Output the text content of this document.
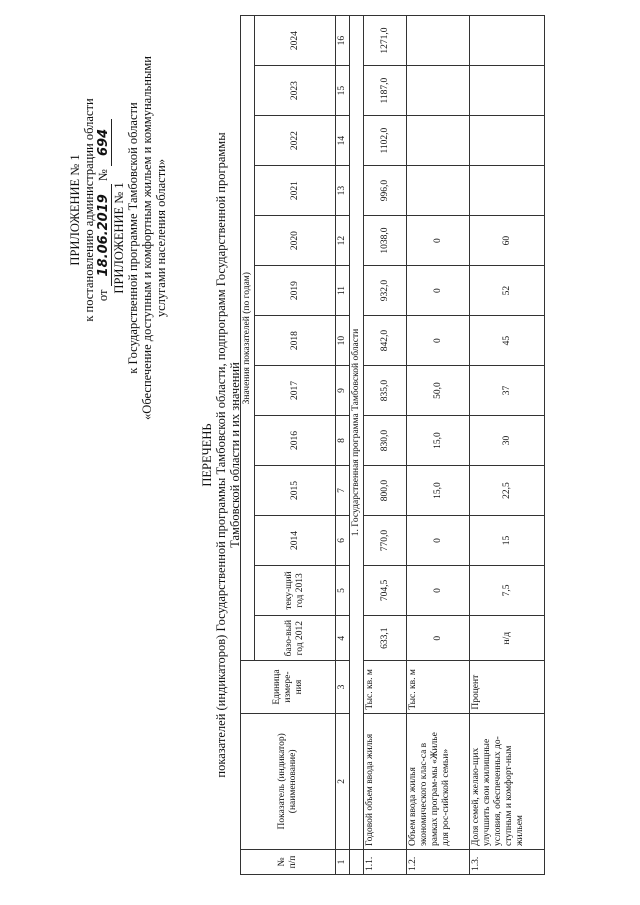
ПРИЛОЖЕНИЕ № 1 к постановлению администрации области от 18.06.2019 № 694
ПРИЛОЖЕНИЕ № 1 к Государственной программе Тамбовской области «Обеспечение доступным и комфортным жильем и коммунальными услугами населения области»
ПЕРЕЧЕНЬ показателей (индикаторов) Государственной программы Тамбовской области, подпрограмм Государственной программы Тамбовской области и их значений
№ п/п	Показатель (индикатор) (наименование)	Единица измере-ния	Значения показателей (по годам)												
			базо-вый год 2012	теку-щий год 2013	2014	2015	2016	2017	2018	2019	2020	2021	2022	2023	2024
1	2	3	4	5	6	7	8	9	10	11	12	13	14	15	16
	1. Государственная программа Тамбовской области														
1.1.	Годовой объем ввода жилья	Тыс. кв. м	633,1	704,5	770,0	800,0	830,0	835,0	842,0	932,0	1038,0	996,0	1102,0	1187,0	1271,0
1.2.	Объем ввода жилья экономического клас-са в рамках програм-мы «Жилье для рос-сийской семьи»	Тыс. кв. м	0	0	0	15,0	15,0	50,0	0	0	0				
1.3.	Доля семей, желаю-щих улучшить свои жилищные условия, обеспеченных до-ступным и комфорт-ным жильем	Процент	н/д	7,5	15	22,5	30	37	45	52	60				
